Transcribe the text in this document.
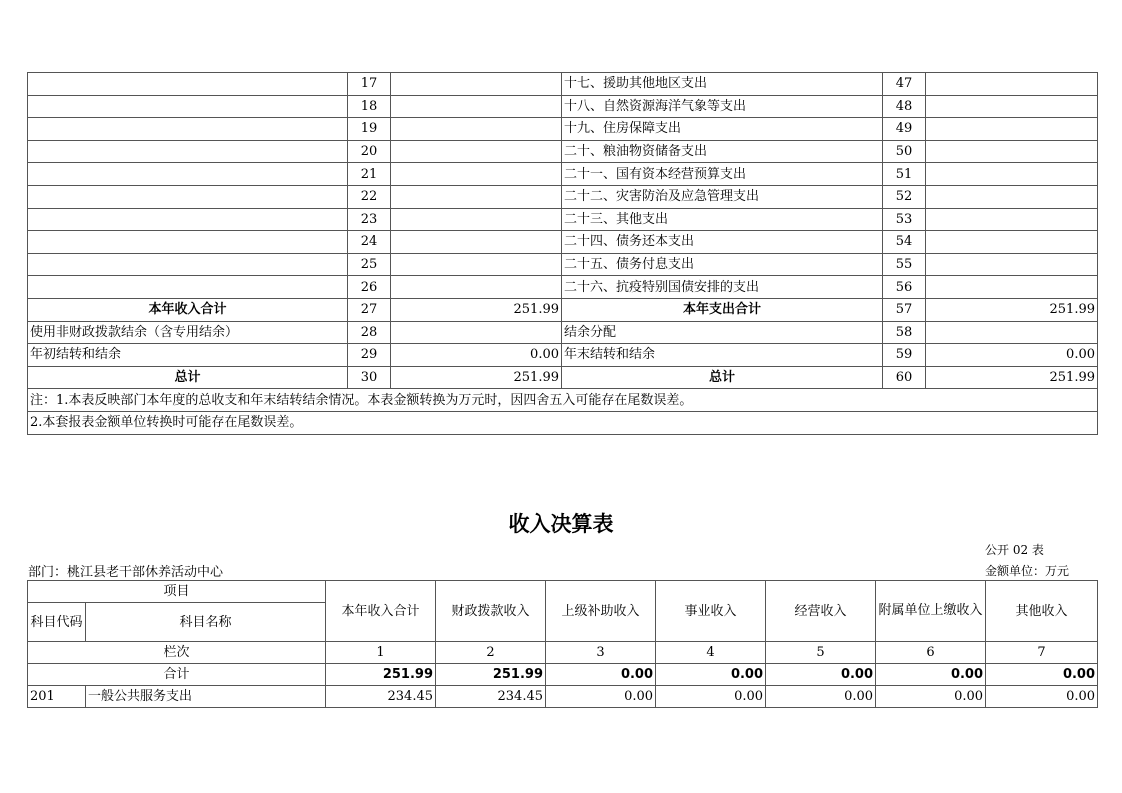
	17		十七、援助其他地区支出	47	
	18		十八、自然资源海洋气象等支出	48	
	19		十九、住房保障支出	49	
	20		二十、粮油物资储备支出	50	
	21		二十一、国有资本经营预算支出	51	
	22		二十二、灾害防治及应急管理支出	52	
	23		二十三、其他支出	53	
	24		二十四、债务还本支出	54	
	25		二十五、债务付息支出	55	
	26		二十六、抗疫特别国债安排的支出	56	
本年收入合计	27	251.99	本年支出合计	57	251.99
使用非财政拨款结余（含专用结余）	28		结余分配	58	
年初结转和结余	29	0.00	年末结转和结余	59	0.00
总计	30	251.99	总计	60	251.99
注：1.本表反映部门本年度的总收支和年末结转结余情况。本表金额转换为万元时，因四舍五入可能存在尾数误差。					
2.本套报表金额单位转换时可能存在尾数误差。					
收入决算表
公开 02 表
部门：桃江县老干部休养活动中心	金额单位：万元
项目		本年收入合计	财政拨款收入	上级补助收入	事业收入	经营收入	附属单位上缴收入	其他收入
科目代码	科目名称							
栏次		1	2	3	4	5	6	7
合计		251.99	251.99	0.00	0.00	0.00	0.00	0.00
201	一般公共服务支出	234.45	234.45	0.00	0.00	0.00	0.00	0.00
